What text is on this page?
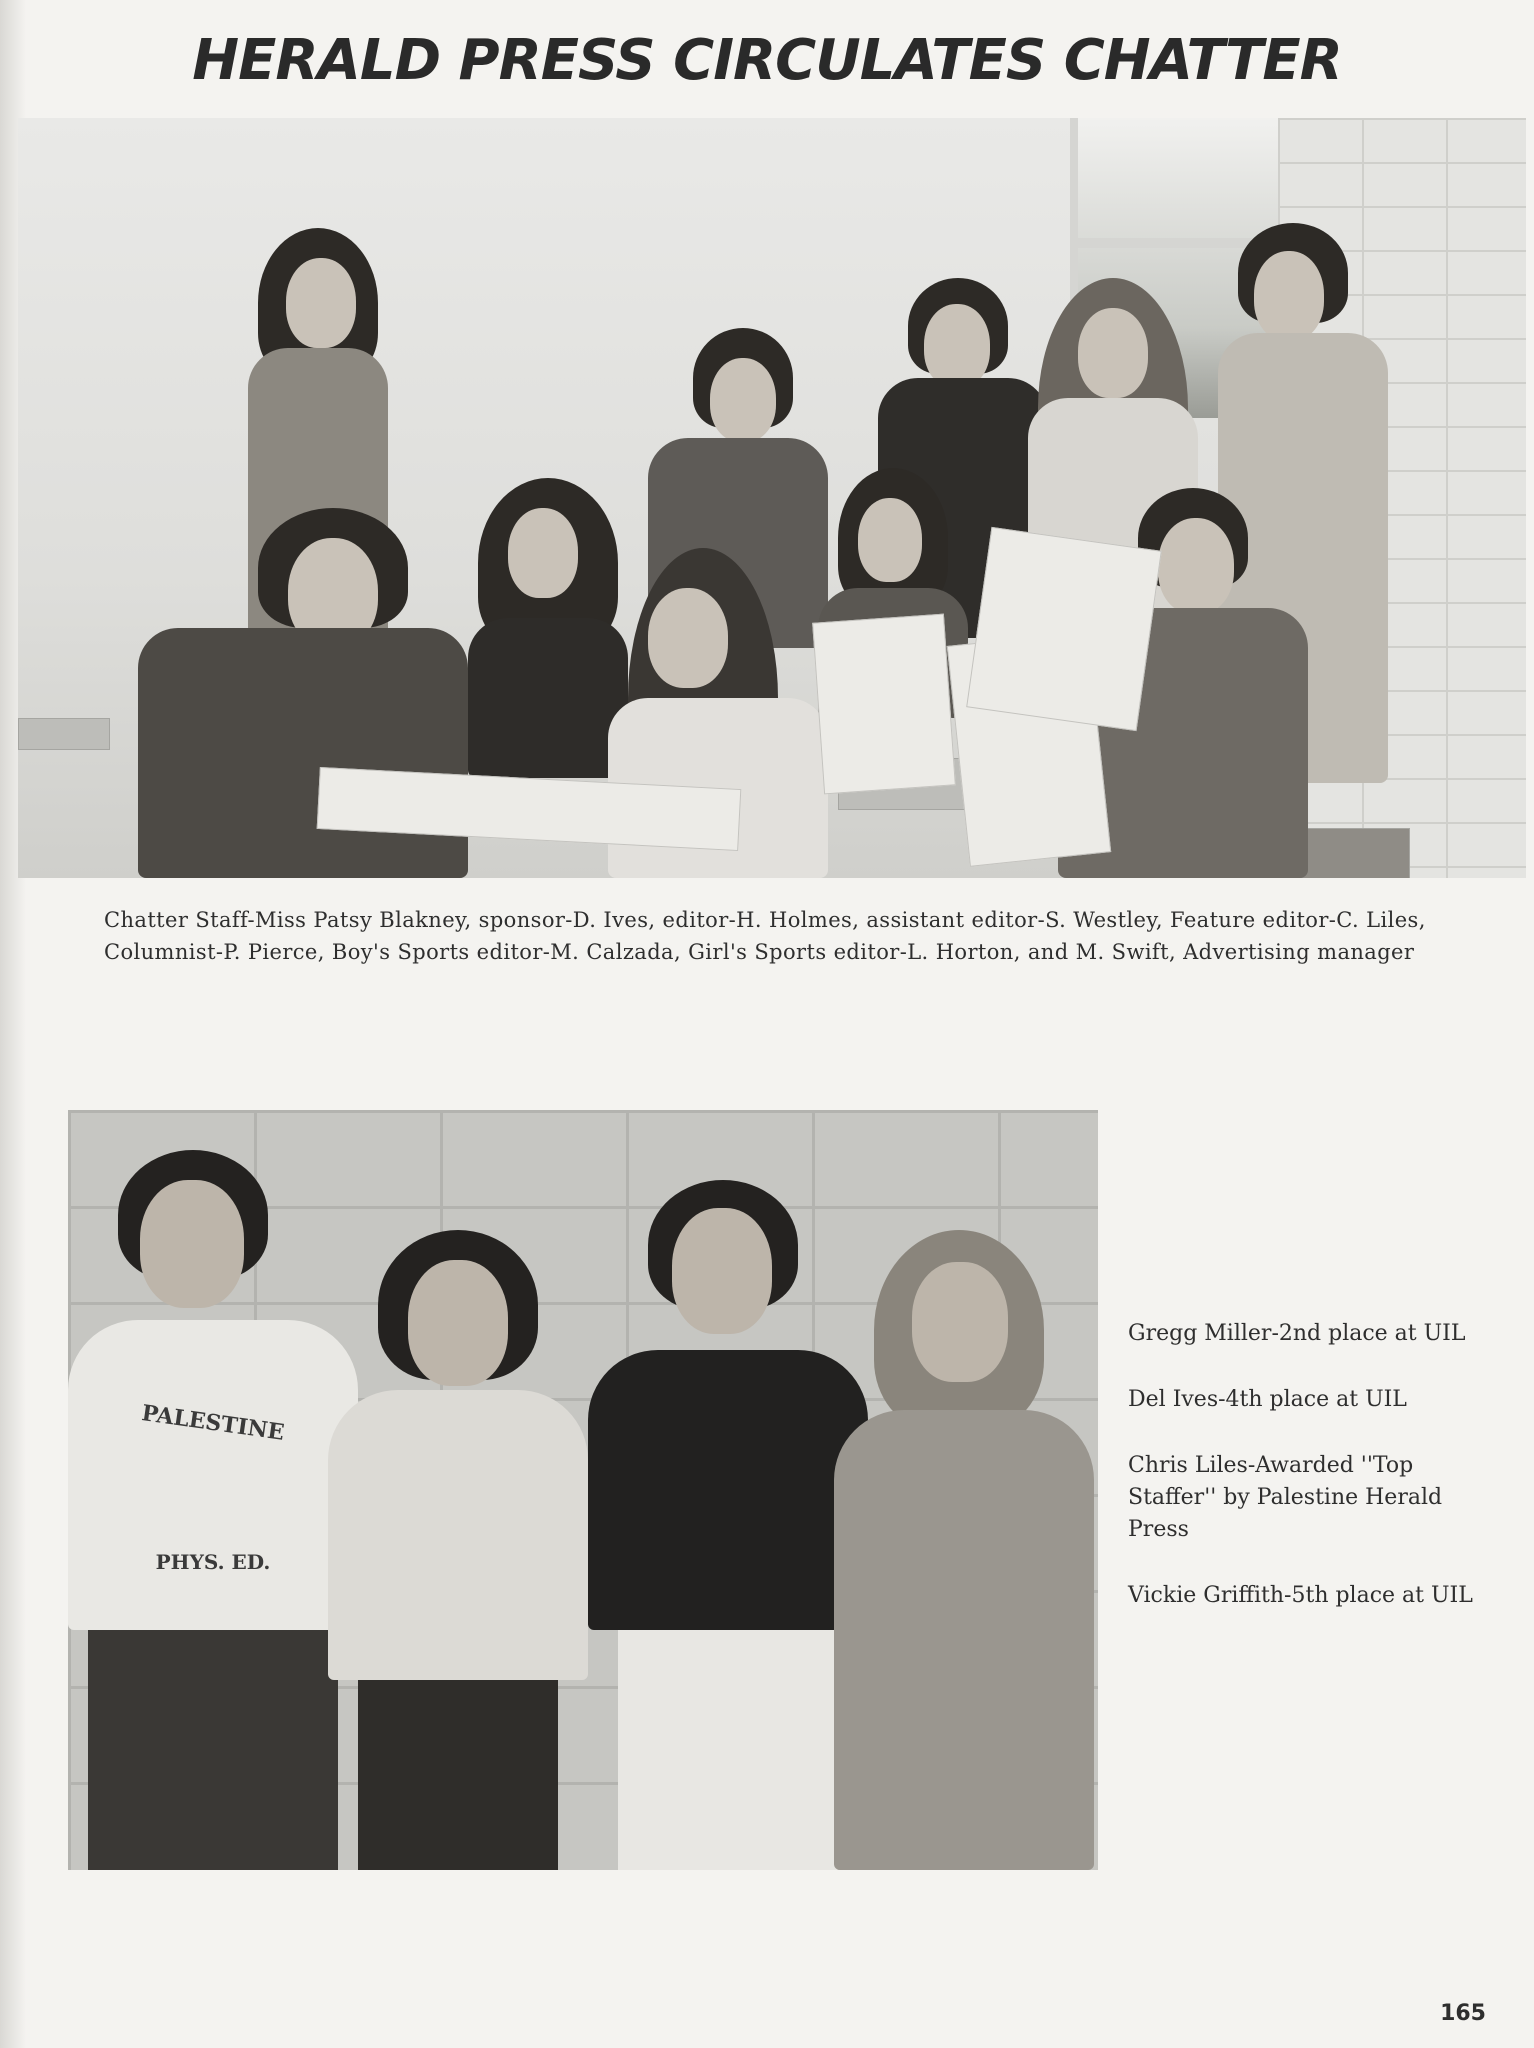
HERALD PRESS CIRCULATES CHATTER
Chatter Staff-Miss Patsy Blakney, sponsor-D. Ives, editor-H. Holmes, assistant editor-S. Westley, Feature editor-C. Liles, Columnist-P. Pierce, Boy's Sports editor-M. Calzada, Girl's Sports editor-L. Horton, and M. Swift, Advertising manager
PALESTINE
PHYS. ED.
Gregg Miller-2nd place at UIL
Del Ives-4th place at UIL
Chris Liles-Awarded ''Top Staffer'' by Palestine Herald Press
Vickie Griffith-5th place at UIL
165
